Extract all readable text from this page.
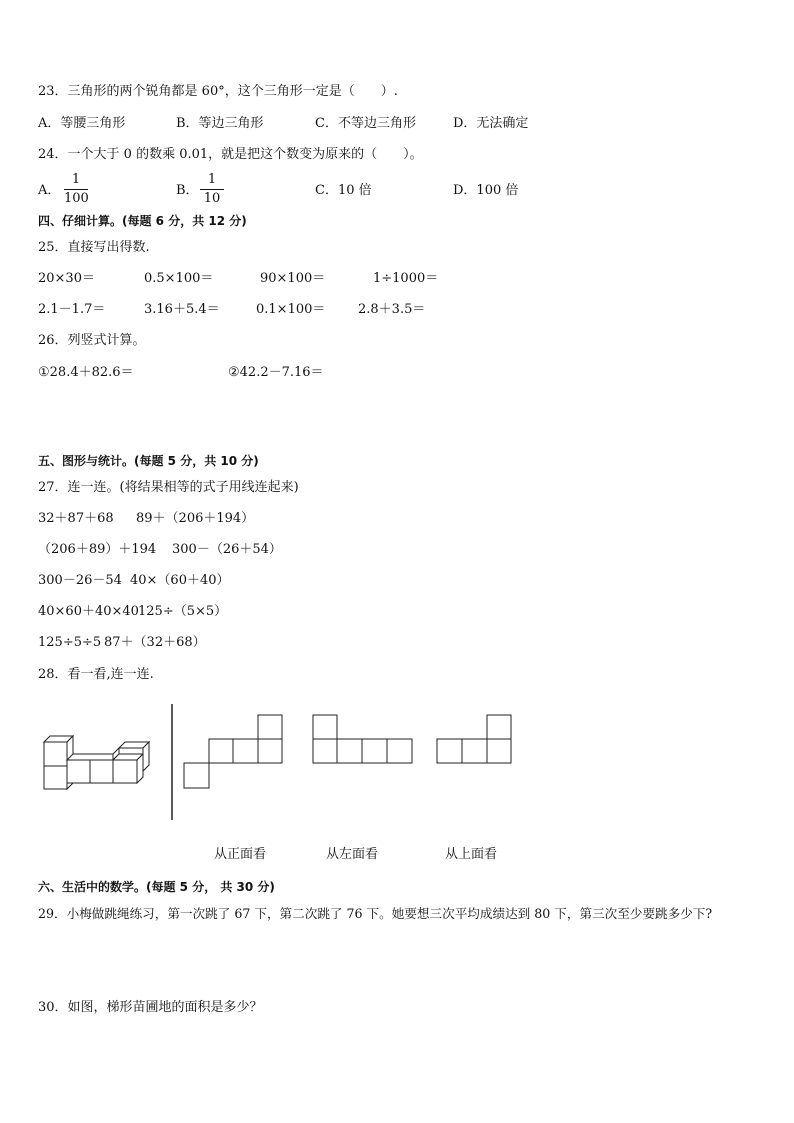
23．三角形的两个锐角都是 60°，这个三角形一定是（　　）.
A．等腰三角形	B．等边三角形	C．不等边三角形	D．无法确定
24．一个大于 0 的数乘 0.01，就是把这个数变为原来的（　　）。
A．
1
100
B．
1
10
C．10 倍	D．100 倍
四、仔细计算。(每题 6 分，共 12 分)
25．直接写出得数.
20×30＝	0.5×100＝	90×100＝	1÷1000＝
2.1－1.7＝	3.16＋5.4＝	0.1×100＝	2.8＋3.5＝
26．列竖式计算。
①28.4＋82.6＝	②42.2－7.16＝
五、图形与统计。(每题 5 分，共 10 分)
27．连一连。(将结果相等的式子用线连起来)
32＋87＋68 89＋（206＋194）
（206＋89）＋194 300－（26＋54）
300－26－54 40×（60＋40）
40×60＋40×40 125÷（5×5）
125÷5÷5 87＋（32＋68）
28．看一看,连一连.
从正面看	从左面看	从上面看
六、生活中的数学。(每题 5 分， 共 30 分)
29．小梅做跳绳练习，第一次跳了 67 下，第二次跳了 76 下。她要想三次平均成绩达到 80 下，第三次至少要跳多少下?
30．如图，梯形苗圃地的面积是多少？
